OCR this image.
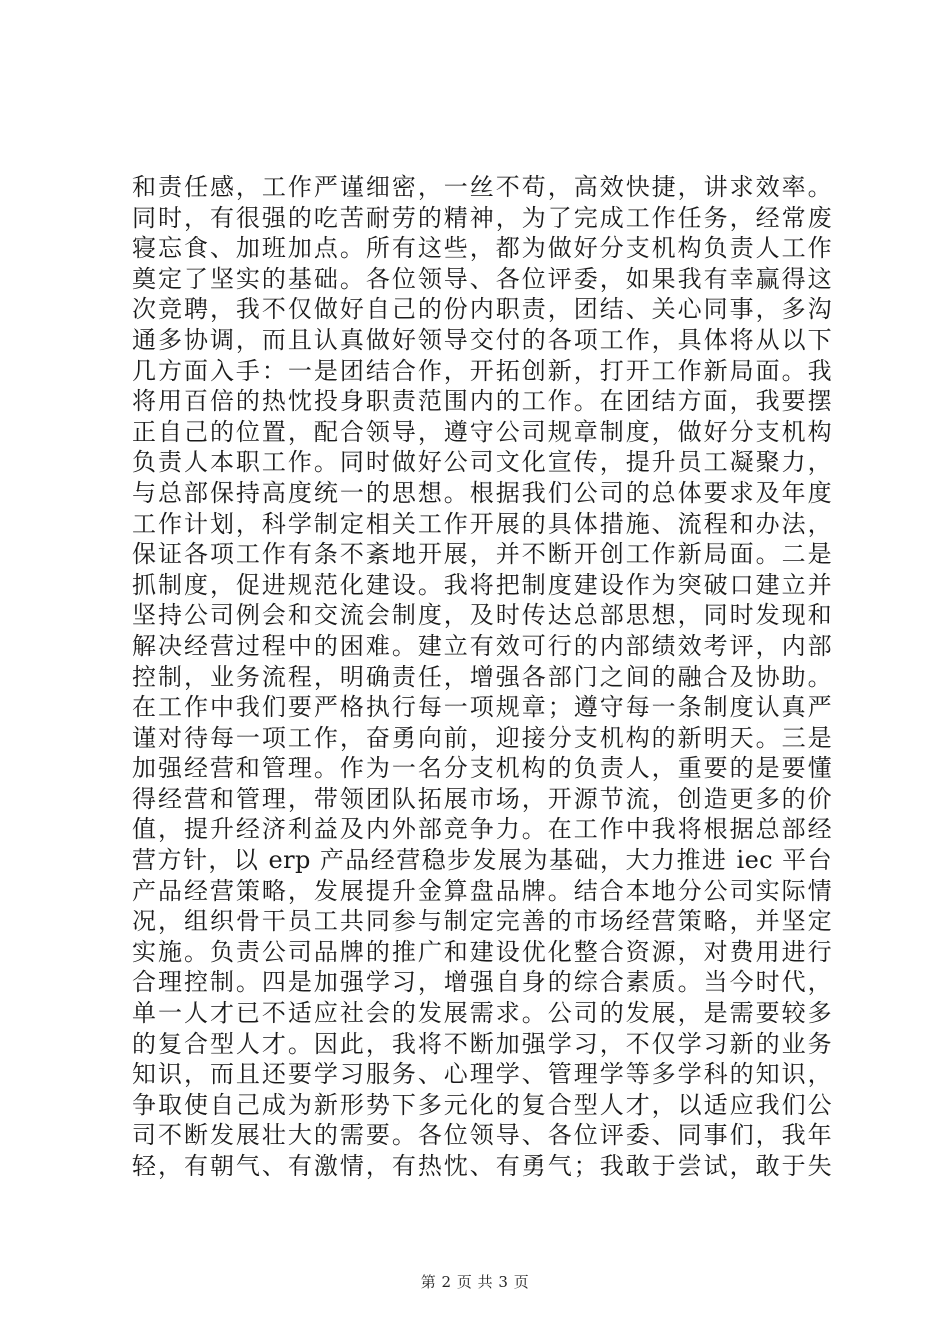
和责任感，工作严谨细密，一丝不苟，高效快捷，讲求效率。
同时，有很强的吃苦耐劳的精神，为了完成工作任务，经常废
寝忘食、加班加点。所有这些，都为做好分支机构负责人工作
奠定了坚实的基础。各位领导、各位评委，如果我有幸赢得这
次竞聘，我不仅做好自己的份内职责，团结、关心同事，多沟
通多协调，而且认真做好领导交付的各项工作，具体将从以下
几方面入手：一是团结合作，开拓创新，打开工作新局面。我
将用百倍的热忱投身职责范围内的工作。在团结方面，我要摆
正自己的位置，配合领导，遵守公司规章制度，做好分支机构
负责人本职工作。同时做好公司文化宣传，提升员工凝聚力，
与总部保持高度统一的思想。根据我们公司的总体要求及年度
工作计划，科学制定相关工作开展的具体措施、流程和办法，
保证各项工作有条不紊地开展，并不断开创工作新局面。二是
抓制度，促进规范化建设。我将把制度建设作为突破口建立并
坚持公司例会和交流会制度，及时传达总部思想，同时发现和
解决经营过程中的困难。建立有效可行的内部绩效考评，内部
控制，业务流程，明确责任，增强各部门之间的融合及协助。
在工作中我们要严格执行每一项规章；遵守每一条制度认真严
谨对待每一项工作，奋勇向前，迎接分支机构的新明天。三是
加强经营和管理。作为一名分支机构的负责人，重要的是要懂
得经营和管理，带领团队拓展市场，开源节流，创造更多的价
值，提升经济利益及内外部竞争力。在工作中我将根据总部经
营方针，以 erp 产品经营稳步发展为基础，大力推进 iec 平台
产品经营策略，发展提升金算盘品牌。结合本地分公司实际情
况，组织骨干员工共同参与制定完善的市场经营策略，并坚定
实施。负责公司品牌的推广和建设优化整合资源，对费用进行
合理控制。四是加强学习，增强自身的综合素质。当今时代，
单一人才已不适应社会的发展需求。公司的发展，是需要较多
的复合型人才。因此，我将不断加强学习，不仅学习新的业务
知识，而且还要学习服务、心理学、管理学等多学科的知识，
争取使自己成为新形势下多元化的复合型人才，以适应我们公
司不断发展壮大的需要。各位领导、各位评委、同事们，我年
轻，有朝气、有激情，有热忱、有勇气；我敢于尝试，敢于失
第 2 页 共 3 页
